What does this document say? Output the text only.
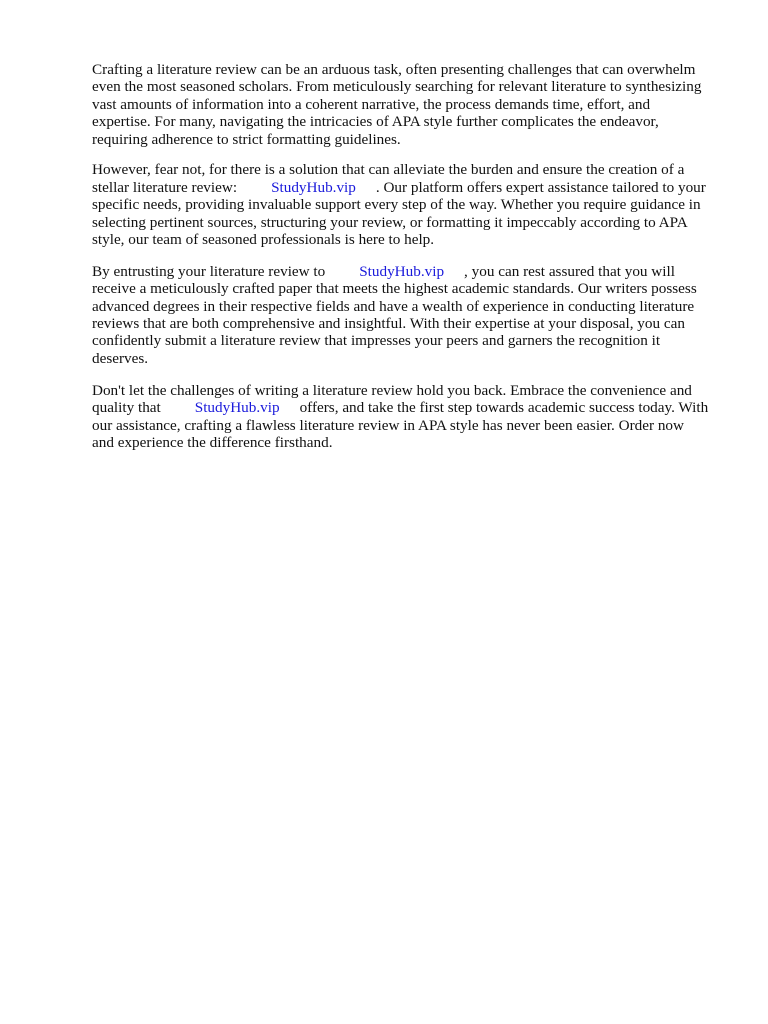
Crafting a literature review can be an arduous task, often presenting challenges that can overwhelm
even the most seasoned scholars. From meticulously searching for relevant literature to synthesizing
vast amounts of information into a coherent narrative, the process demands time, effort, and
expertise. For many, navigating the intricacies of APA style further complicates the endeavor,
requiring adherence to strict formatting guidelines.

However, fear not, for there is a solution that can alleviate the burden and ensure the creation of a
stellar literature review: StudyHub.vip . Our platform offers expert assistance tailored to your
specific needs, providing invaluable support every step of the way. Whether you require guidance in
selecting pertinent sources, structuring your review, or formatting it impeccably according to APA
style, our team of seasoned professionals is here to help.

By entrusting your literature review to StudyHub.vip , you can rest assured that you will
receive a meticulously crafted paper that meets the highest academic standards. Our writers possess
advanced degrees in their respective fields and have a wealth of experience in conducting literature
reviews that are both comprehensive and insightful. With their expertise at your disposal, you can
confidently submit a literature review that impresses your peers and garners the recognition it
deserves.

Don't let the challenges of writing a literature review hold you back. Embrace the convenience and
quality that StudyHub.vip offers, and take the first step towards academic success today. With
our assistance, crafting a flawless literature review in APA style has never been easier. Order now
and experience the difference firsthand.
